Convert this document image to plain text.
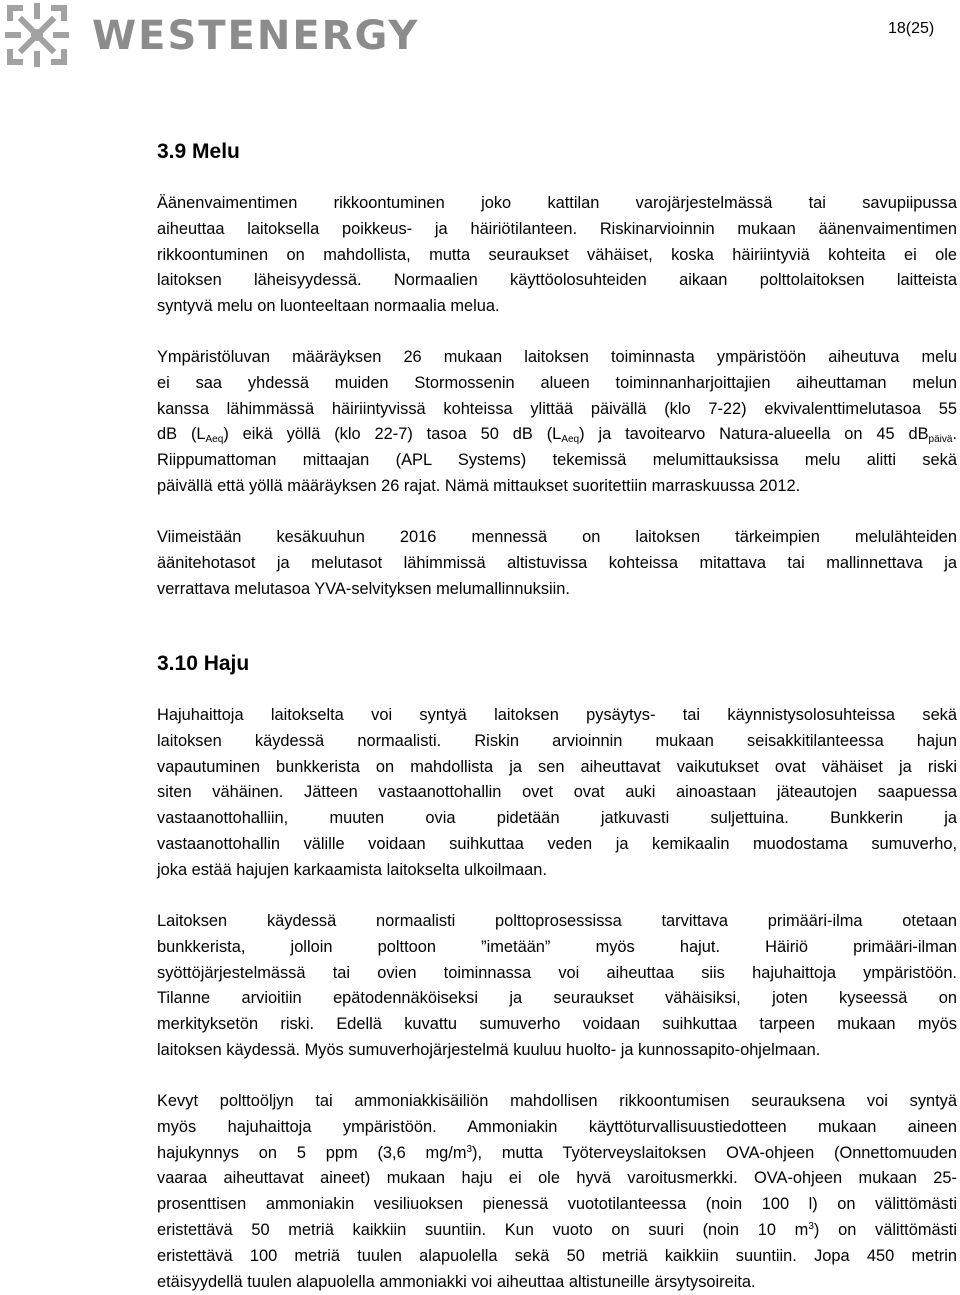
WESTENERGY	18(25)
3.9 Melu

Äänenvaimentimen rikkoontuminen joko kattilan varojärjestelmässä tai savupiipussa
aiheuttaa laitoksella poikkeus- ja häiriötilanteen. Riskinarvioinnin mukaan äänenvaimentimen
rikkoontuminen on mahdollista, mutta seuraukset vähäiset, koska häiriintyviä kohteita ei ole
laitoksen läheisyydessä. Normaalien käyttöolosuhteiden aikaan polttolaitoksen laitteista
syntyvä melu on luonteeltaan normaalia melua.

Ympäristöluvan määräyksen 26 mukaan laitoksen toiminnasta ympäristöön aiheutuva melu
ei saa yhdessä muiden Stormossenin alueen toiminnanharjoittajien aiheuttaman melun
kanssa lähimmässä häiriintyvissä kohteissa ylittää päivällä (klo 7-22) ekvivalenttimelutasoa 55
dB $(L_{Aeq})$ eikä yöllä (klo 22-7) tasoa 50 dB $(L_{Aeq})$ ja tavoitearvo Natura-alueella on 45 $dB_{päivä}$.
Riippumattoman mittaajan (APL Systems) tekemissä melumittauksissa melu alitti sekä
päivällä että yöllä määräyksen 26 rajat. Nämä mittaukset suoritettiin marraskuussa 2012.

Viimeistään kesäkuuhun 2016 mennessä on laitoksen tärkeimpien melulähteiden
äänitehotasot ja melutasot lähimmissä altistuvissa kohteissa mitattava tai mallinnettava ja
verrattava melutasoa YVA-selvityksen melumallinnuksiin.

3.10 Haju

Hajuhaittoja laitokselta voi syntyä laitoksen pysäytys- tai käynnistysolosuhteissa sekä
laitoksen käydessä normaalisti. Riskin arvioinnin mukaan seisakkitilanteessa hajun
vapautuminen bunkkerista on mahdollista ja sen aiheuttavat vaikutukset ovat vähäiset ja riski
siten vähäinen. Jätteen vastaanottohallin ovet ovat auki ainoastaan jäteautojen saapuessa
vastaanottohalliin, muuten ovia pidetään jatkuvasti suljettuina. Bunkkerin ja
vastaanottohallin välille voidaan suihkuttaa veden ja kemikaalin muodostama sumuverho,
joka estää hajujen karkaamista laitokselta ulkoilmaan.

Laitoksen käydessä normaalisti polttoprosessissa tarvittava primääri-ilma otetaan
bunkkerista, jolloin polttoon ”imetään” myös hajut. Häiriö primääri-ilman
syöttöjärjestelmässä tai ovien toiminnassa voi aiheuttaa siis hajuhaittoja ympäristöön.
Tilanne arvioitiin epätodennäköiseksi ja seuraukset vähäisiksi, joten kyseessä on
merkityksetön riski. Edellä kuvattu sumuverho voidaan suihkuttaa tarpeen mukaan myös
laitoksen käydessä. Myös sumuverhojärjestelmä kuuluu huolto- ja kunnossapito-ohjelmaan.

Kevyt polttoöljyn tai ammoniakkisäiliön mahdollisen rikkoontumisen seurauksena voi syntyä
myös hajuhaittoja ympäristöön. Ammoniakin käyttöturvallisuustiedotteen mukaan aineen
hajukynnys on 5 ppm (3,6 $mg/m^3$), mutta Työterveyslaitoksen OVA-ohjeen (Onnettomuuden
vaaraa aiheuttavat aineet) mukaan haju ei ole hyvä varoitusmerkki. OVA-ohjeen mukaan 25-
prosenttisen ammoniakin vesiliuoksen pienessä vuototilanteessa (noin 100 l) on välittömästi
eristettävä 50 metriä kaikkiin suuntiin. Kun vuoto on suuri (noin 10 $m^3$) on välittömästi
eristettävä 100 metriä tuulen alapuolella sekä 50 metriä kaikkiin suuntiin. Jopa 450 metrin
etäisyydellä tuulen alapuolella ammoniakki voi aiheuttaa altistuneille ärsytysoireita.
